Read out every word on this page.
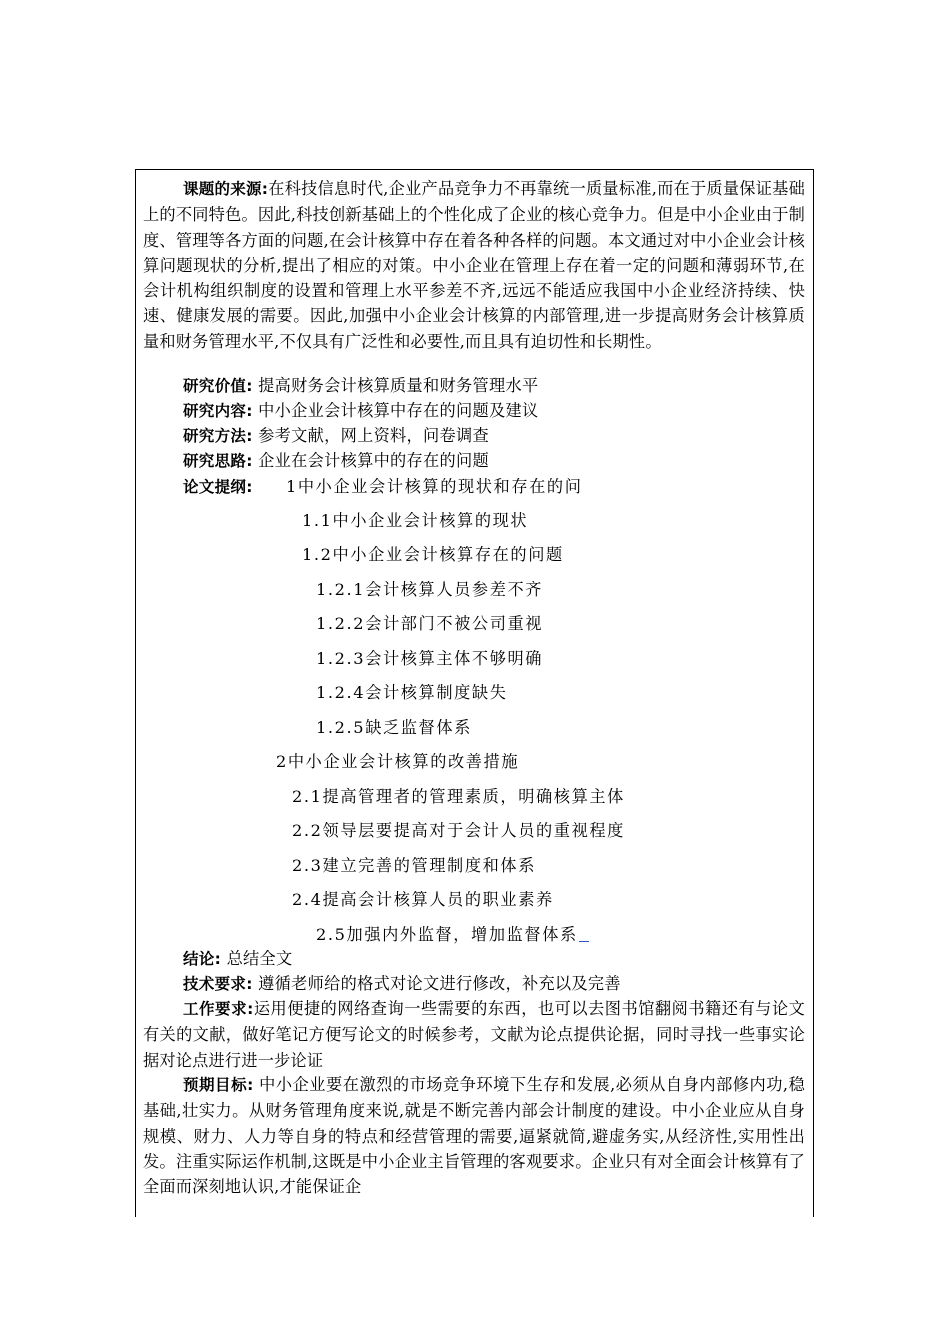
课题的来源:在科技信息时代,企业产品竞争力不再靠统一质量标准,而在于质量保证基础上的不同特色。因此,科技创新基础上的个性化成了企业的核心竞争力。但是中小企业由于制度、管理等各方面的问题,在会计核算中存在着各种各样的问题。本文通过对中小企业会计核算问题现状的分析,提出了相应的对策。中小企业在管理上存在着一定的问题和薄弱环节,在会计机构组织制度的设置和管理上水平参差不齐,远远不能适应我国中小企业经济持续、快速、健康发展的需要。因此,加强中小企业会计核算的内部管理,进一步提高财务会计核算质量和财务管理水平,不仅具有广泛性和必要性,而且具有迫切性和长期性。

研究价值: 提高财务会计核算质量和财务管理水平
研究内容: 中小企业会计核算中存在的问题及建议
研究方法: 参考文献，网上资料，问卷调查
研究思路: 企业在会计核算中的存在的问题
论文提纲: 1中小企业会计核算的现状和存在的问
1.1中小企业会计核算的现状
1.2中小企业会计核算存在的问题
1.2.1会计核算人员参差不齐
1.2.2会计部门不被公司重视
1.2.3会计核算主体不够明确
1.2.4会计核算制度缺失
1.2.5缺乏监督体系
2中小企业会计核算的改善措施
2.1提高管理者的管理素质，明确核算主体
2.2领导层要提高对于会计人员的重视程度
2.3建立完善的管理制度和体系
2.4提高会计核算人员的职业素养
2.5加强内外监督，增加监督体系
结论: 总结全文
技术要求: 遵循老师给的格式对论文进行修改，补充以及完善

工作要求:运用便捷的网络查询一些需要的东西，也可以去图书馆翻阅书籍还有与论文有关的文献，做好笔记方便写论文的时候参考，文献为论点提供论据，同时寻找一些事实论据对论点进行进一步论证

预期目标: 中小企业要在激烈的市场竞争环境下生存和发展,必须从自身内部修内功,稳基础,壮实力。从财务管理角度来说,就是不断完善内部会计制度的建设。中小企业应从自身规模、财力、人力等自身的特点和经营管理的需要,逼紧就简,避虚务实,从经济性,实用性出发。注重实际运作机制,这既是中小企业主旨管理的客观要求。企业只有对全面会计核算有了全面而深刻地认识,才能保证企
